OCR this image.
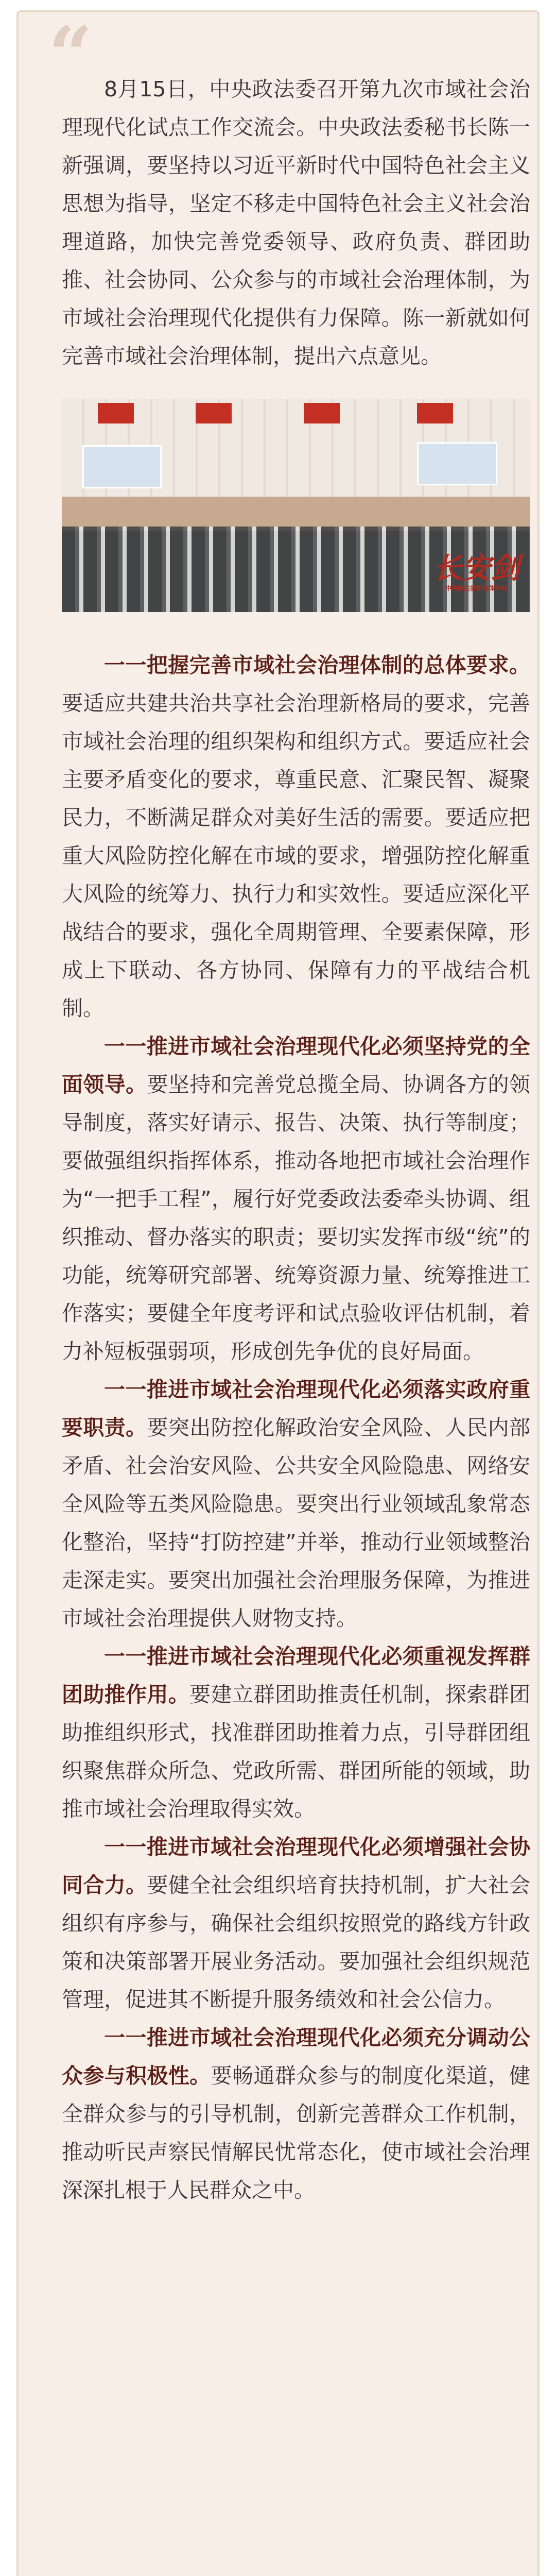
“ 8月15日，中央政法委召开第九次市域社会治理现代化试点工作交流会。中央政法委秘书长陈一新强调，要坚持以习近平新时代中国特色社会主义思想为指导，坚定不移走中国特色社会主义社会治理道路，加快完善党委领导、政府负责、群团助推、社会协同、公众参与的市域社会治理体制，为市域社会治理现代化提供有力保障。陈一新就如何完善市域社会治理体制，提出六点意见。

长安剑
中央政法委新媒体平台

一一把握完善市域社会治理体制的总体要求。要适应共建共治共享社会治理新格局的要求，完善市域社会治理的组织架构和组织方式。要适应社会主要矛盾变化的要求，尊重民意、汇聚民智、凝聚民力，不断满足群众对美好生活的需要。要适应把重大风险防控化解在市域的要求，增强防控化解重大风险的统筹力、执行力和实效性。要适应深化平战结合的要求，强化全周期管理、全要素保障，形成上下联动、各方协同、保障有力的平战结合机制。

一一推进市域社会治理现代化必须坚持党的全面领导。要坚持和完善党总揽全局、协调各方的领导制度，落实好请示、报告、决策、执行等制度；要做强组织指挥体系，推动各地把市域社会治理作为“一把手工程”，履行好党委政法委牵头协调、组织推动、督办落实的职责；要切实发挥市级“统”的功能，统筹研究部署、统筹资源力量、统筹推进工作落实；要健全年度考评和试点验收评估机制，着力补短板强弱项，形成创先争优的良好局面。

一一推进市域社会治理现代化必须落实政府重要职责。要突出防控化解政治安全风险、人民内部矛盾、社会治安风险、公共安全风险隐患、网络安全风险等五类风险隐患。要突出行业领域乱象常态化整治，坚持“打防控建”并举，推动行业领域整治走深走实。要突出加强社会治理服务保障，为推进市域社会治理提供人财物支持。

一一推进市域社会治理现代化必须重视发挥群团助推作用。要建立群团助推责任机制，探索群团助推组织形式，找准群团助推着力点，引导群团组织聚焦群众所急、党政所需、群团所能的领域，助推市域社会治理取得实效。

一一推进市域社会治理现代化必须增强社会协同合力。要健全社会组织培育扶持机制，扩大社会组织有序参与，确保社会组织按照党的路线方针政策和决策部署开展业务活动。要加强社会组织规范管理，促进其不断提升服务绩效和社会公信力。

一一推进市域社会治理现代化必须充分调动公众参与积极性。要畅通群众参与的制度化渠道，健全群众参与的引导机制，创新完善群众工作机制，推动听民声察民情解民忧常态化，使市域社会治理深深扎根于人民群众之中。
